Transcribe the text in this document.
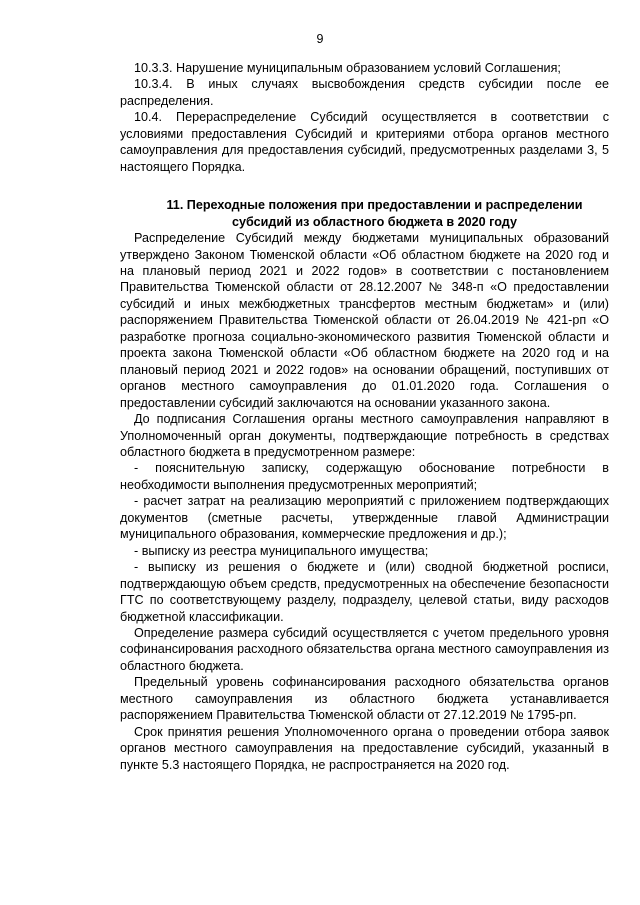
9

10.3.3. Нарушение муниципальным образованием условий Соглашения;

10.3.4. В иных случаях высвобождения средств субсидии после ее распределения.

10.4. Перераспределение Субсидий осуществляется в соответствии с условиями предоставления Субсидий и критериями отбора органов местного самоуправления для предоставления субсидий, предусмотренных разделами 3, 5 настоящего Порядка.

11. Переходные положения при предоставлении и распределении
субсидий из областного бюджета в 2020 году

Распределение Субсидий между бюджетами муниципальных образований утверждено Законом Тюменской области «Об областном бюджете на 2020 год и на плановый период 2021 и 2022 годов» в соответствии с постановлением Правительства Тюменской области от 28.12.2007 № 348-п «О предоставлении субсидий и иных межбюджетных трансфертов местным бюджетам» и (или) распоряжением Правительства Тюменской области от 26.04.2019 № 421-рп «О разработке прогноза социально-экономического развития Тюменской области и проекта закона Тюменской области «Об областном бюджете на 2020 год и на плановый период 2021 и 2022 годов» на основании обращений, поступивших от органов местного самоуправления до 01.01.2020 года. Соглашения о предоставлении субсидий заключаются на основании указанного закона.

До подписания Соглашения органы местного самоуправления направляют в Уполномоченный орган документы, подтверждающие потребность в средствах областного бюджета в предусмотренном размере:

- пояснительную записку, содержащую обоснование потребности в необходимости выполнения предусмотренных мероприятий;

- расчет затрат на реализацию мероприятий с приложением подтверждающих документов (сметные расчеты, утвержденные главой Администрации муниципального образования, коммерческие предложения и др.);

- выписку из реестра муниципального имущества;

- выписку из решения о бюджете и (или) сводной бюджетной росписи, подтверждающую объем средств, предусмотренных на обеспечение безопасности ГТС по соответствующему разделу, подразделу, целевой статьи, виду расходов бюджетной классификации.

Определение размера субсидий осуществляется с учетом предельного уровня софинансирования расходного обязательства органа местного самоуправления из областного бюджета.

Предельный уровень софинансирования расходного обязательства органов местного самоуправления из областного бюджета устанавливается распоряжением Правительства Тюменской области от 27.12.2019 № 1795-рп.

Срок принятия решения Уполномоченного органа о проведении отбора заявок органов местного самоуправления на предоставление субсидий, указанный в пункте 5.3 настоящего Порядка, не распространяется на 2020 год.
